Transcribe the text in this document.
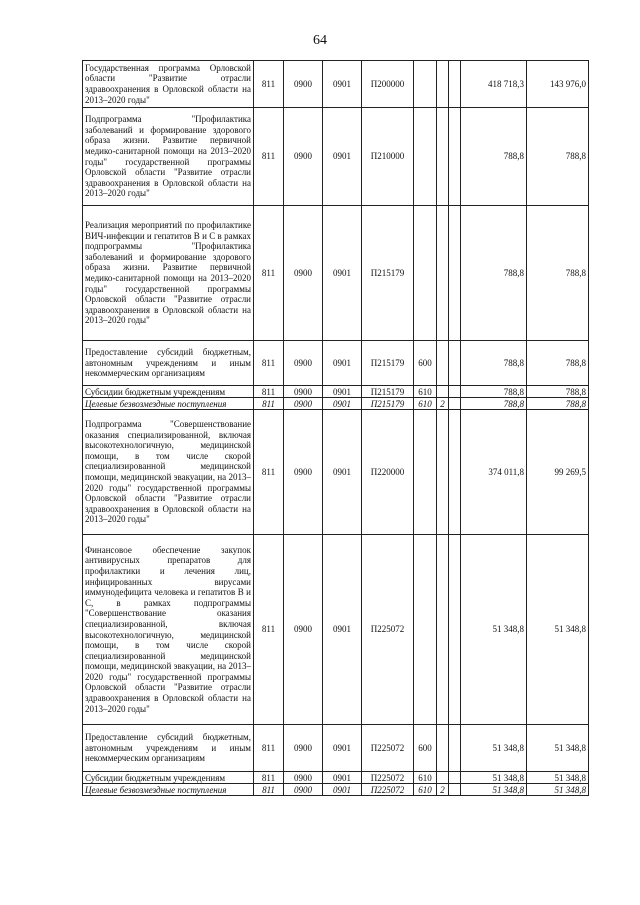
64
Государственная программа Орловской области "Развитие отрасли здравоохранения в Орловской области на 2013–2020 годы"	811	0900	0901	П200000				418 718,3	143 976,0
Подпрограмма "Профилактика заболеваний и формирование здорового образа жизни. Развитие первичной медико-санитарной помощи на 2013–2020 годы" государственной программы Орловской области "Развитие отрасли здравоохранения в Орловской области на 2013–2020 годы"	811	0900	0901	П210000				788,8	788,8
Реализация мероприятий по профилактике ВИЧ-инфекции и гепатитов В и С в рамках подпрограммы "Профилактика заболеваний и формирование здорового образа жизни. Развитие первичной медико-санитарной помощи на 2013–2020 годы" государственной программы Орловской области "Развитие отрасли здравоохранения в Орловской области на 2013–2020 годы"	811	0900	0901	П215179				788,8	788,8
Предоставление субсидий бюджетным, автономным учреждениям и иным некоммерческим организациям	811	0900	0901	П215179	600			788,8	788,8
Субсидии бюджетным учреждениям	811	0900	0901	П215179	610			788,8	788,8
Целевые безвозмездные поступления	811	0900	0901	П215179	610	2		788,8	788,8
Подпрограмма "Совершенствование оказания специализированной, включая высокотехнологичную, медицинской помощи, в том числе скорой специализированной медицинской помощи, медицинской эвакуации, на 2013–2020 годы" государственной программы Орловской области "Развитие отрасли здравоохранения в Орловской области на 2013–2020 годы"	811	0900	0901	П220000				374 011,8	99 269,5
Финансовое обеспечение закупок антивирусных препаратов для профилактики и лечения лиц, инфицированных вирусами иммунодефицита человека и гепатитов В и С, в рамках подпрограммы "Совершенствование оказания специализированной, включая высокотехнологичную, медицинской помощи, в том числе скорой специализированной медицинской помощи, медицинской эвакуации, на 2013–2020 годы" государственной программы Орловской области "Развитие отрасли здравоохранения в Орловской области на 2013–2020 годы"	811	0900	0901	П225072				51 348,8	51 348,8
Предоставление субсидий бюджетным, автономным учреждениям и иным некоммерческим организациям	811	0900	0901	П225072	600			51 348,8	51 348,8
Субсидии бюджетным учреждениям	811	0900	0901	П225072	610			51 348,8	51 348,8
Целевые безвозмездные поступления	811	0900	0901	П225072	610	2		51 348,8	51 348,8
